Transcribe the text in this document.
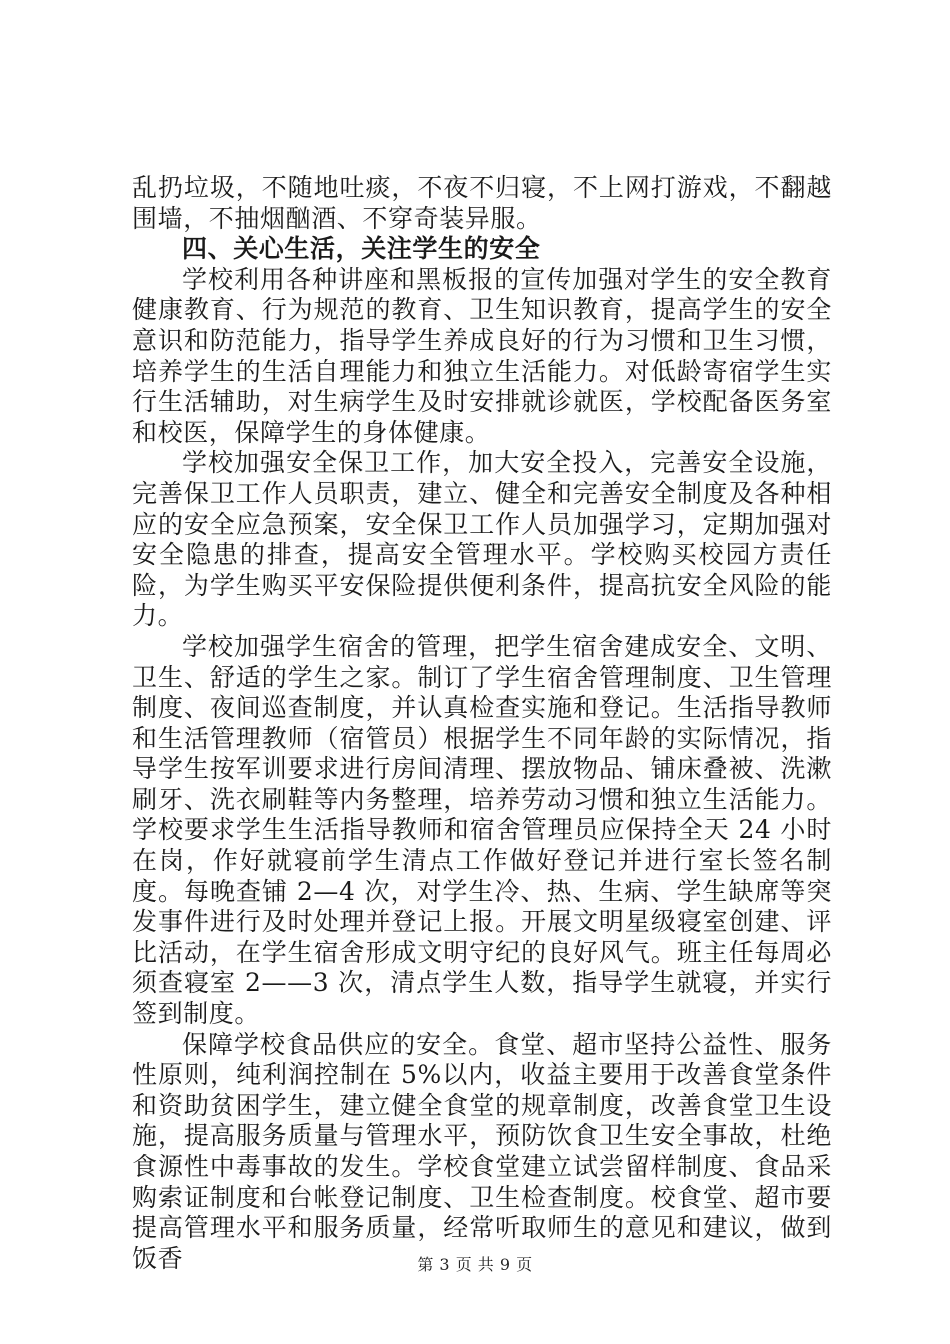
乱扔垃圾，不随地吐痰，不夜不归寝，不上网打游戏，不翻越围墙，不抽烟酗酒、不穿奇装异服。

四、关心生活，关注学生的安全

学校利用各种讲座和黑板报的宣传加强对学生的安全教育健康教育、行为规范的教育、卫生知识教育，提高学生的安全意识和防范能力，指导学生养成良好的行为习惯和卫生习惯，培养学生的生活自理能力和独立生活能力。对低龄寄宿学生实行生活辅助，对生病学生及时安排就诊就医，学校配备医务室和校医，保障学生的身体健康。

学校加强安全保卫工作，加大安全投入，完善安全设施，完善保卫工作人员职责，建立、健全和完善安全制度及各种相应的安全应急预案，安全保卫工作人员加强学习，定期加强对安全隐患的排查，提高安全管理水平。学校购买校园方责任险，为学生购买平安保险提供便利条件，提高抗安全风险的能力。

学校加强学生宿舍的管理，把学生宿舍建成安全、文明、卫生、舒适的学生之家。制订了学生宿舍管理制度、卫生管理制度、夜间巡查制度，并认真检查实施和登记。生活指导教师和生活管理教师（宿管员）根据学生不同年龄的实际情况，指导学生按军训要求进行房间清理、摆放物品、铺床叠被、洗漱刷牙、洗衣刷鞋等内务整理，培养劳动习惯和独立生活能力。学校要求学生生活指导教师和宿舍管理员应保持全天 24 小时在岗，作好就寝前学生清点工作做好登记并进行室长签名制度。每晚查铺 2—4 次，对学生冷、热、生病、学生缺席等突发事件进行及时处理并登记上报。开展文明星级寝室创建、评比活动，在学生宿舍形成文明守纪的良好风气。班主任每周必须查寝室 2——3 次，清点学生人数，指导学生就寝，并实行签到制度。

保障学校食品供应的安全。食堂、超市坚持公益性、服务性原则，纯利润控制在 5%以内，收益主要用于改善食堂条件和资助贫困学生，建立健全食堂的规章制度，改善食堂卫生设施，提高服务质量与管理水平，预防饮食卫生安全事故，杜绝食源性中毒事故的发生。学校食堂建立试尝留样制度、食品采购索证制度和台帐登记制度、卫生检查制度。校食堂、超市要提高管理水平和服务质量，经常听取师生的意见和建议，做到饭香	第 3 页 共 9 页
